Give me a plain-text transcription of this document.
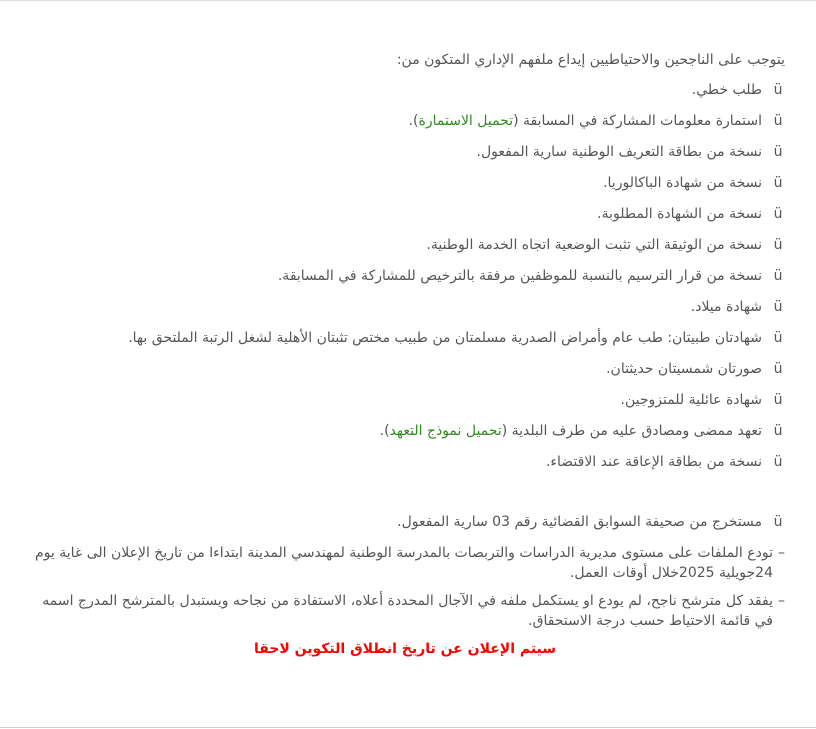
يتوجب على الناجحين والاحتياطيين إيداع ملفهم الإداري المتكون من:

ü
طلب خطي.
ü
استمارة معلومات المشاركة في المسابقة (تحميل الاستمارة).
ü
نسخة من بطاقة التعريف الوطنية سارية المفعول.
ü
نسخة من شهادة الباكالوريا.
ü
نسخة من الشهادة المطلوبة.
ü
نسخة من الوثيقة التي تثبت الوضعية اتجاه الخدمة الوطنية.
ü
نسخة من قرار الترسيم بالنسبة للموظفين مرفقة بالترخيص للمشاركة في المسابقة.
ü
شهادة ميلاد.
ü
شهادتان طبيتان: طب عام وأمراض الصدرية مسلمتان من طبيب مختص تثبتان الأهلية لشغل الرتبة الملتحق بها.
ü
صورتان شمسيتان حديثتان.
ü
شهادة عائلية للمتزوجين.
ü
تعهد ممضى ومصادق عليه من طرف البلدية (تحميل نموذج التعهد).
ü
نسخة من بطاقة الإعاقة عند الاقتضاء.
ü
مستخرج من صحيفة السوابق القضائية رقم 03 سارية المفعول.
–
تودع الملفات على مستوى مديرية الدراسات والتربصات بالمدرسة الوطنية لمهندسي المدينة ابتداءا من تاريخ الإعلان الى غاية يوم 24جويلية 2025خلال أوقات العمل.
–
يفقد كل مترشح ناجح، لم يودع او يستكمل ملفه في الآجال المحددة أعلاه، الاستفادة من نجاحه ويستبدل بالمترشح المدرج اسمه في قائمة الاحتياط حسب درجة الاستحقاق.

سيتم الإعلان عن تاريخ انطلاق التكوين لاحقا
